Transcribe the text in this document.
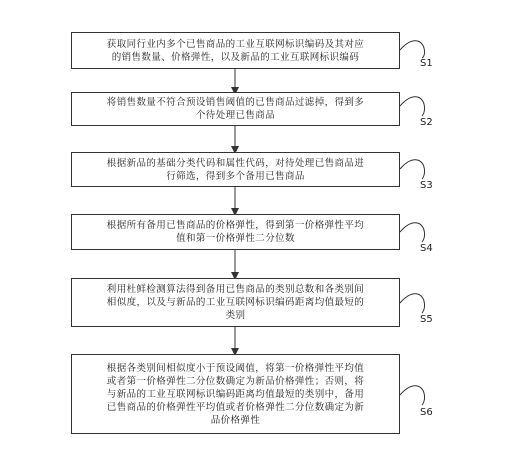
获取同行业内多个已售商品的工业互联网标识编码及其对应
的销售数量、价格弹性，以及新品的工业互联网标识编码
S1
将销售数量不符合预设销售阈值的已售商品过滤掉，得到多
个待处理已售商品
S2
根据新品的基础分类代码和属性代码，对待处理已售商品进
行筛选，得到多个备用已售商品
S3
根据所有备用已售商品的价格弹性，得到第一价格弹性平均
值和第一价格弹性二分位数
S4
利用杜鲜检测算法得到备用已售商品的类别总数和各类别间
相似度，以及与新品的工业互联网标识编码距离均值最短的
类别	S5
根据各类别间相似度小于预设阈值，将第一价格弹性平均值
或者第一价格弹性二分位数确定为新品价格弹性；否则，将
与新品的工业互联网标识编码距离均值最短的类别中，备用
已售商品的价格弹性平均值或者价格弹性二分位数确定为新
品价格弹性
S6
